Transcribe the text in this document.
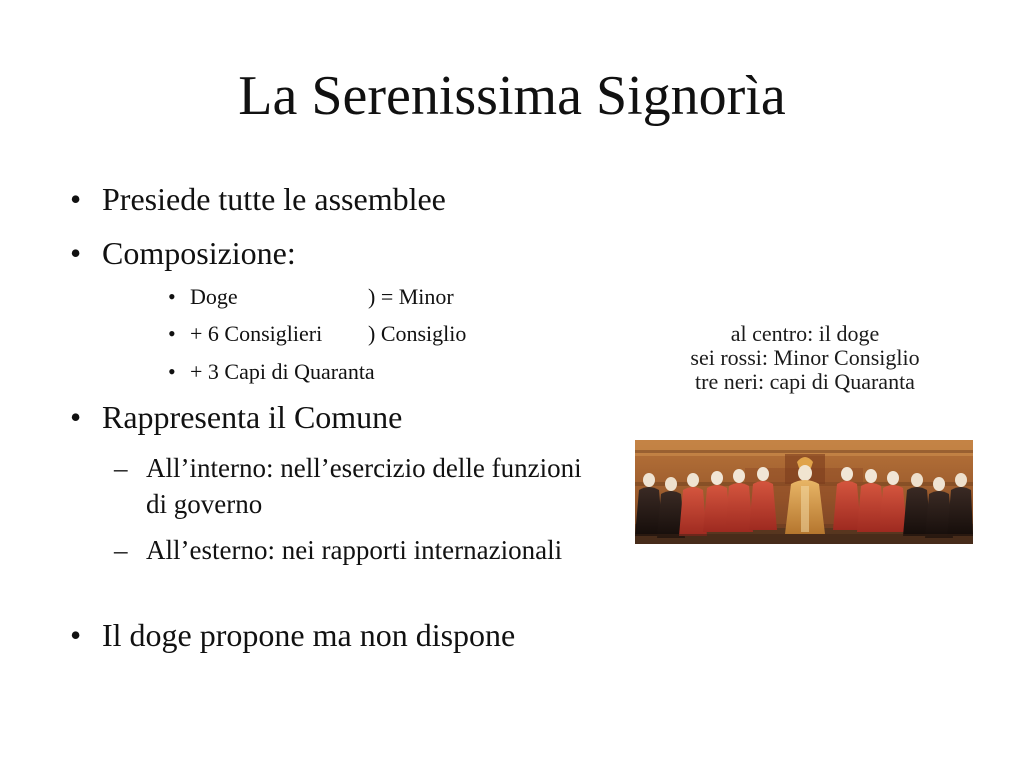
La Serenissima Signorìa
• Presiede tutte le assemblee
• Composizione:
• Doge	) = Minor
• + 6 Consiglieri ) Consiglio
• + 3 Capi di Quaranta
• Rappresenta il Comune
– All’interno: nell’esercizio delle funzioni di governo
– All’esterno: nei rapporti internazionali
• Il doge propone ma non dispone
al centro: il doge
sei rossi: Minor Consiglio
tre neri: capi di Quaranta
